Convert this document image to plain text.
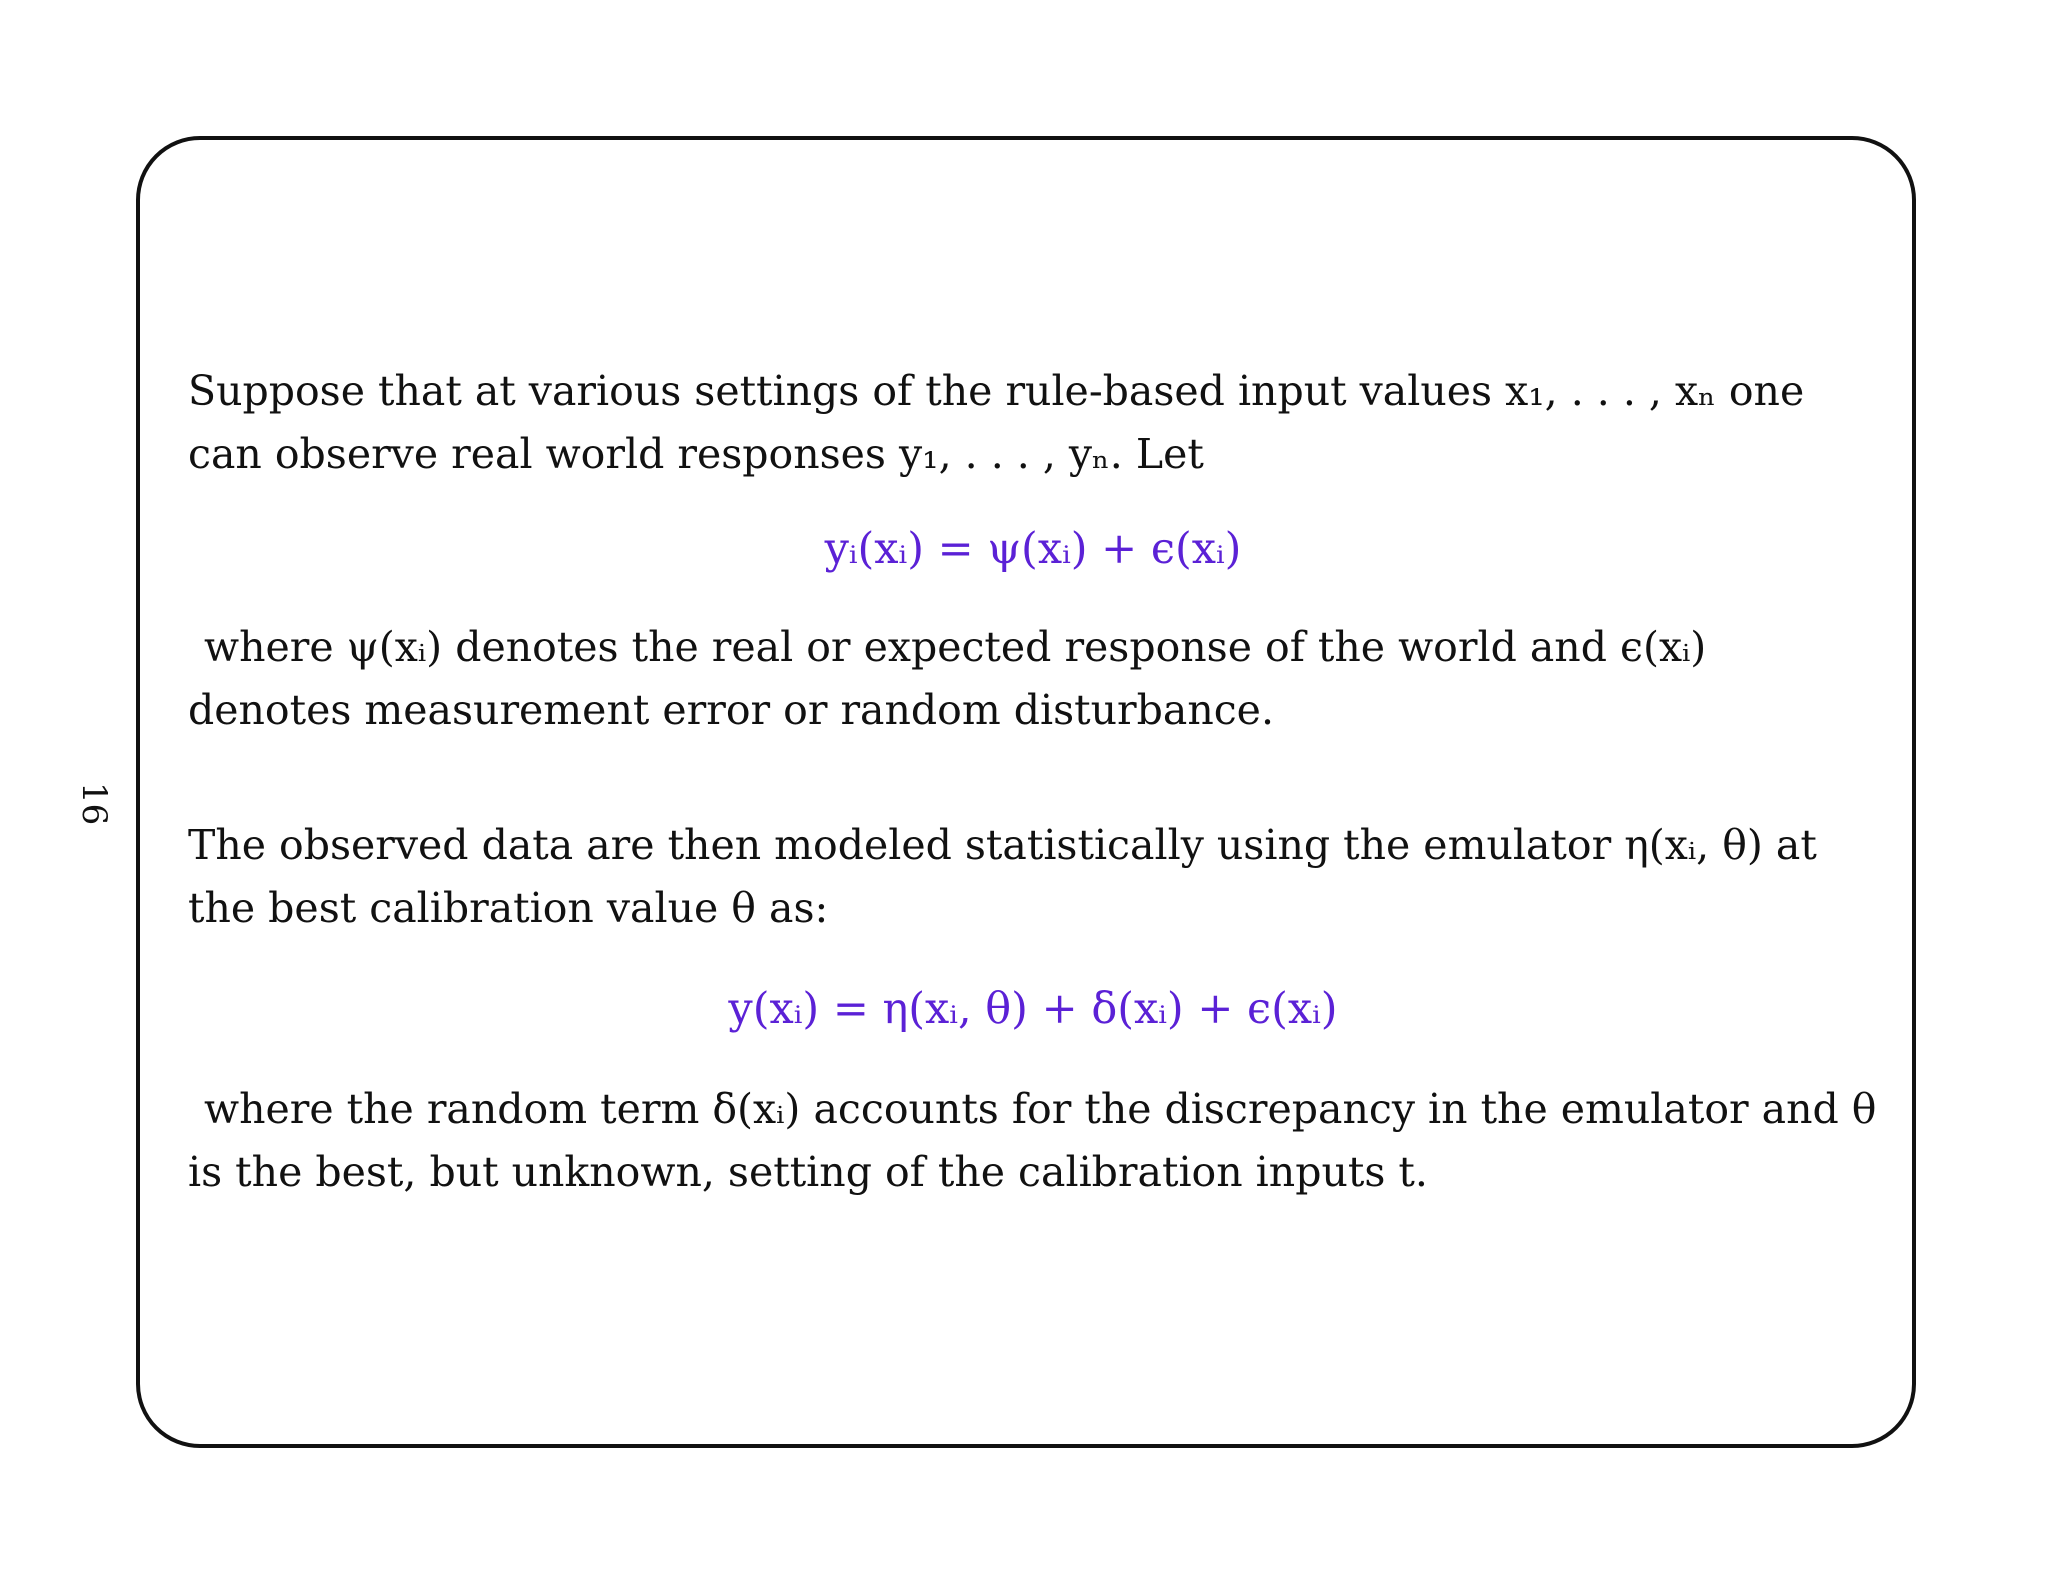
16

Suppose that at various settings of the rule-based input values x₁, . . . , xₙ one can observe real world responses y₁, . . . , yₙ. Let

yᵢ(xᵢ) = ψ(xᵢ) + ϵ(xᵢ)

where ψ(xᵢ) denotes the real or expected response of the world and ϵ(xᵢ) denotes measurement error or random disturbance.

The observed data are then modeled statistically using the emulator η(xᵢ, θ) at the best calibration value θ as:

y(xᵢ) = η(xᵢ, θ) + δ(xᵢ) + ϵ(xᵢ)

where the random term δ(xᵢ) accounts for the discrepancy in the emulator and θ is the best, but unknown, setting of the calibration inputs t.
